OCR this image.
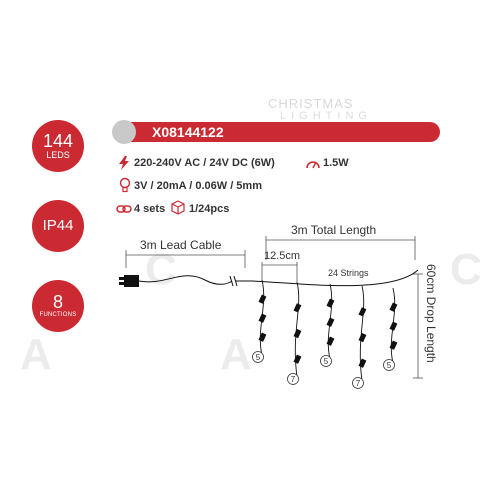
A
C
A
C
CHRISTMAS
LIGHTING
144
LEDS
IP44
8
FUNCTIONS
X08144122
220-240V AC / 24V DC (6W)	1.5W
3V / 20mA / 0.06W / 5mm
4 sets 1/24pcs
5
7
5
7
5
3m Lead Cable
3m Total Length
12.5cm
24 Strings	60cm Drop Length
